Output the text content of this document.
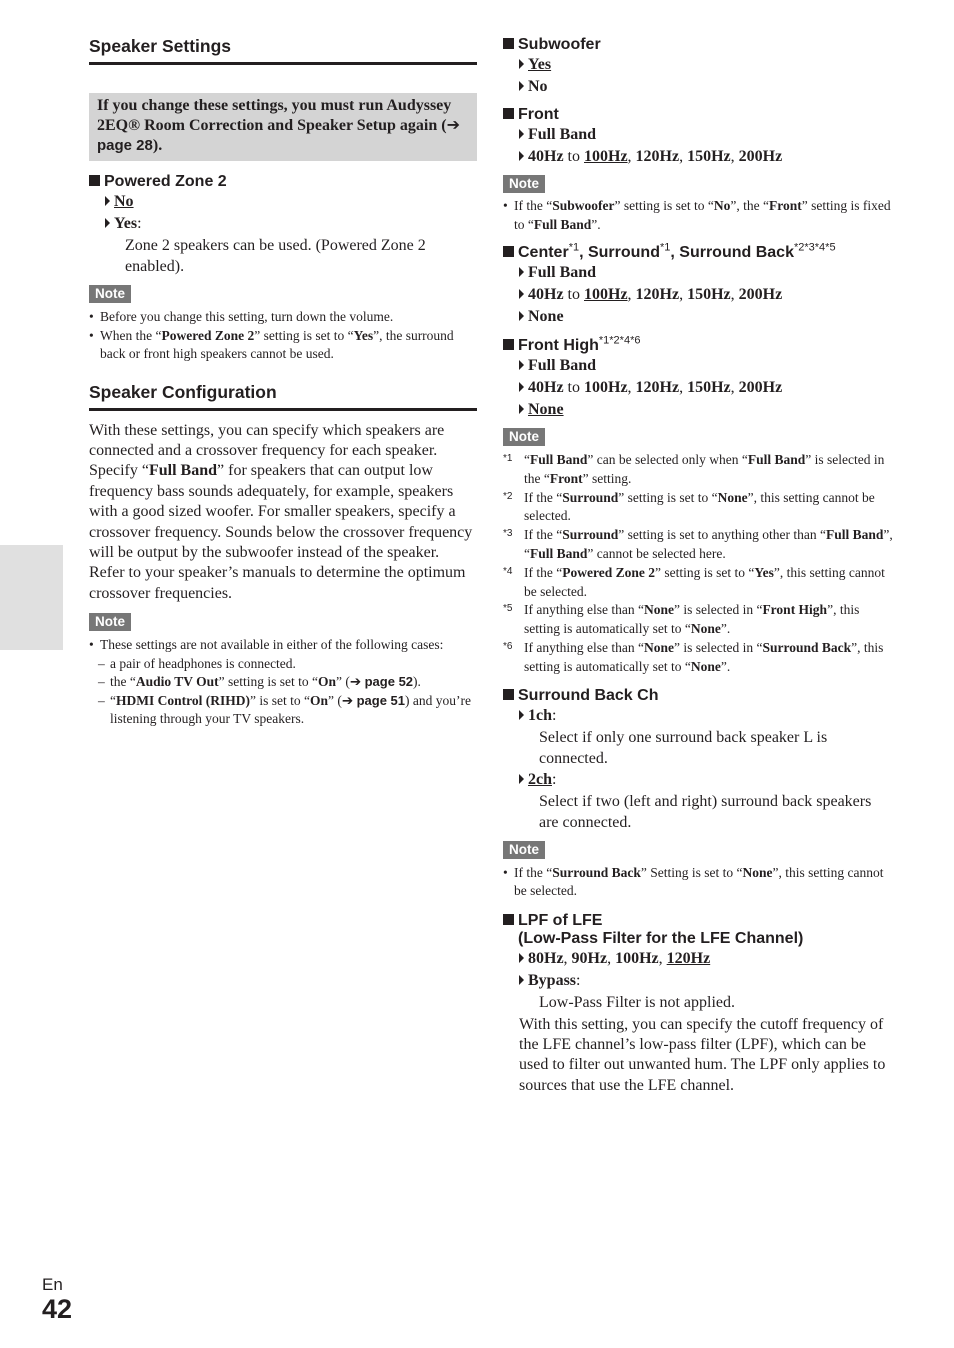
Speaker Settings
If you change these settings, you must run Audyssey 2EQ® Room Correction and Speaker Setup again (➔ page 28).

Powered Zone 2

No

Yes:

Zone 2 speakers can be used. (Powered Zone 2 enabled).

Note

• Before you change this setting, turn down the volume.

• When the “Powered Zone 2” setting is set to “Yes”, the surround back or front high speakers cannot be used.

Speaker Configuration

With these settings, you can specify which speakers are connected and a crossover frequency for each speaker. Specify “Full Band” for speakers that can output low frequency bass sounds adequately, for example, speakers with a good sized woofer. For smaller speakers, specify a crossover frequency. Sounds below the crossover frequency will be output by the subwoofer instead of the speaker. Refer to your speaker’s manuals to determine the optimum crossover frequencies.

Note

• These settings are not available in either of the following cases:

– a pair of headphones is connected.

– the “Audio TV Out” setting is set to “On” (➔ page 52).

– “HDMI Control (RIHD)” is set to “On” (➔ page 51) and you’re listening through your TV speakers.

Subwoofer

Yes

No

Front

Full Band

40Hz to 100Hz, 120Hz, 150Hz, 200Hz

Note

• If the “Subwoofer” setting is set to “No”, the “Front” setting is fixed to “Full Band”.

Center$^{*1}$, Surround$^{*1}$, Surround Back$^{*2*3*4*5}$

Full Band

40Hz to 100Hz, 120Hz, 150Hz, 200Hz

None

Front High$^{*1*2*4*6}$

Full Band

40Hz to 100Hz, 120Hz, 150Hz, 200Hz

None

Note

*1 “Full Band” can be selected only when “Full Band” is selected in the “Front” setting.

*2 If the “Surround” setting is set to “None”, this setting cannot be selected.

*3 If the “Surround” setting is set to anything other than “Full Band”, “Full Band” cannot be selected here.

*4 If the “Powered Zone 2” setting is set to “Yes”, this setting cannot be selected.

*5 If anything else than “None” is selected in “Front High”, this setting is automatically set to “None”.

*6 If anything else than “None” is selected in “Surround Back”, this setting is automatically set to “None”.

Surround Back Ch

1ch:

Select if only one surround back speaker L is connected.

2ch:

Select if two (left and right) surround back speakers are connected.

Note

• If the “Surround Back” Setting is set to “None”, this setting cannot be selected.

LPF of LFE

(Low-Pass Filter for the LFE Channel)

80Hz, 90Hz, 100Hz, 120Hz

Bypass:

Low-Pass Filter is not applied.

With this setting, you can specify the cutoff frequency of the LFE channel’s low-pass filter (LPF), which can be used to filter out unwanted hum. The LPF only applies to sources that use the LFE channel.

En
42
